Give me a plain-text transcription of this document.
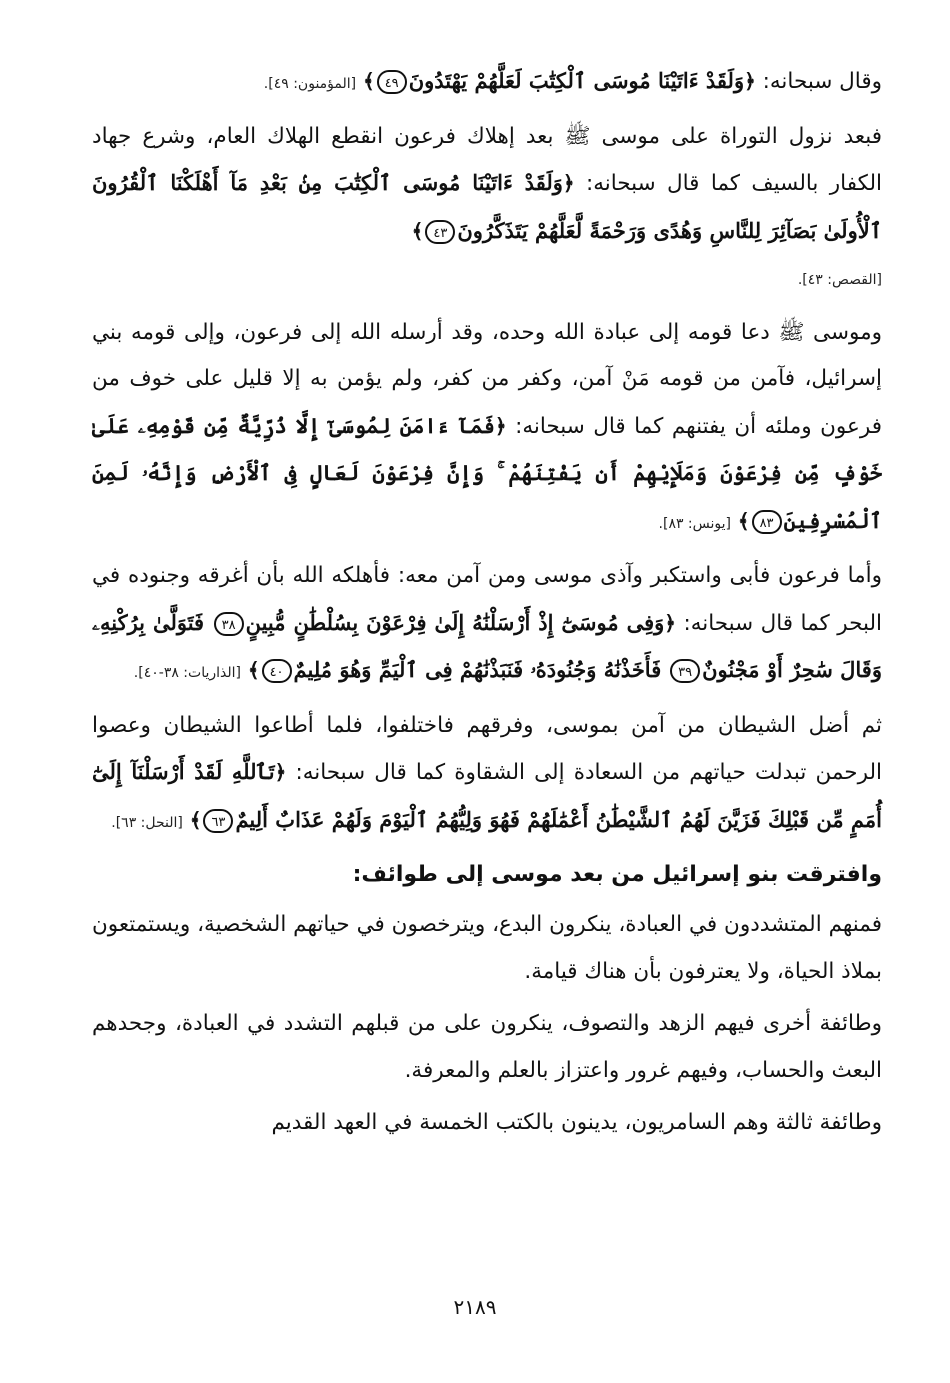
وقال سبحانه: ﴿وَلَقَدْ ءَاتَيْنَا مُوسَى ٱلْكِتَٰبَ لَعَلَّهُمْ يَهْتَدُونَ٤٩﴾ [المؤمنون: ٤٩].

فبعد نزول التوراة على موسى ﷺ بعد إهلاك فرعون انقطع الهلاك العام، وشرع جهاد الكفار بالسيف كما قال سبحانه: ﴿وَلَقَدْ ءَاتَيْنَا مُوسَى ٱلْكِتَٰبَ مِنۢ بَعْدِ مَآ أَهْلَكْنَا ٱلْقُرُونَ ٱلْأُولَىٰ بَصَآئِرَ لِلنَّاسِ وَهُدًى وَرَحْمَةً لَّعَلَّهُمْ يَتَذَكَّرُونَ٤٣﴾
[القصص: ٤٣].

وموسى ﷺ دعا قومه إلى عبادة الله وحده، وقد أرسله الله إلى فرعون، وإلى قومه بني إسرائيل، فآمن من قومه مَنْ آمن، وكفر من كفر، ولم يؤمن به إلا قليل على خوف من فرعون وملئه أن يفتنهم كما قال سبحانه: ﴿فَمَآ ءَامَنَ لِمُوسَىٰٓ إِلَّا ذُرِّيَّةٌ مِّن قَوْمِهِۦ عَلَىٰ خَوْفٍ مِّن فِرْعَوْنَ وَمَلَإِيْهِمْ أَن يَفْتِنَهُمْ ۚ وَإِنَّ فِرْعَوْنَ لَعَالٍ فِى ٱلْأَرْضِ وَإِنَّهُۥ لَمِنَ ٱلْمُسْرِفِينَ٨٣﴾ [يونس: ٨٣].

وأما فرعون فأبى واستكبر وآذى موسى ومن آمن معه: فأهلكه الله بأن أغرقه وجنوده في البحر كما قال سبحانه: ﴿وَفِى مُوسَىٰٓ إِذْ أَرْسَلْنَٰهُ إِلَىٰ فِرْعَوْنَ بِسُلْطَٰنٍ مُّبِينٍ٣٨ فَتَوَلَّىٰ بِرُكْنِهِۦ وَقَالَ سَٰحِرٌ أَوْ مَجْنُونٌ٣٩ فَأَخَذْنَٰهُ وَجُنُودَهُۥ فَنَبَذْنَٰهُمْ فِى ٱلْيَمِّ وَهُوَ مُلِيمٌ٤٠﴾ [الذاريات: ٣٨-٤٠].

ثم أضل الشيطان من آمن بموسى، وفرقهم فاختلفوا، فلما أطاعوا الشيطان وعصوا الرحمن تبدلت حياتهم من السعادة إلى الشقاوة كما قال سبحانه: ﴿تَٱللَّهِ لَقَدْ أَرْسَلْنَآ إِلَىٰٓ أُمَمٍ مِّن قَبْلِكَ فَزَيَّنَ لَهُمُ ٱلشَّيْطَٰنُ أَعْمَٰلَهُمْ فَهُوَ وَلِيُّهُمُ ٱلْيَوْمَ وَلَهُمْ عَذَابٌ أَلِيمٌ٦٣﴾ [النحل: ٦٣].

وافترقت بنو إسرائيل من بعد موسى إلى طوائف:

فمنهم المتشددون في العبادة، ينكرون البدع، ويترخصون في حياتهم الشخصية، ويستمتعون بملاذ الحياة، ولا يعترفون بأن هناك قيامة.

وطائفة أخرى فيهم الزهد والتصوف، ينكرون على من قبلهم التشدد في العبادة، وجحدهم البعث والحساب، وفيهم غرور واعتزاز بالعلم والمعرفة.

وطائفة ثالثة وهم السامريون، يدينون بالكتب الخمسة في العهد القديم

٢١٨٩
